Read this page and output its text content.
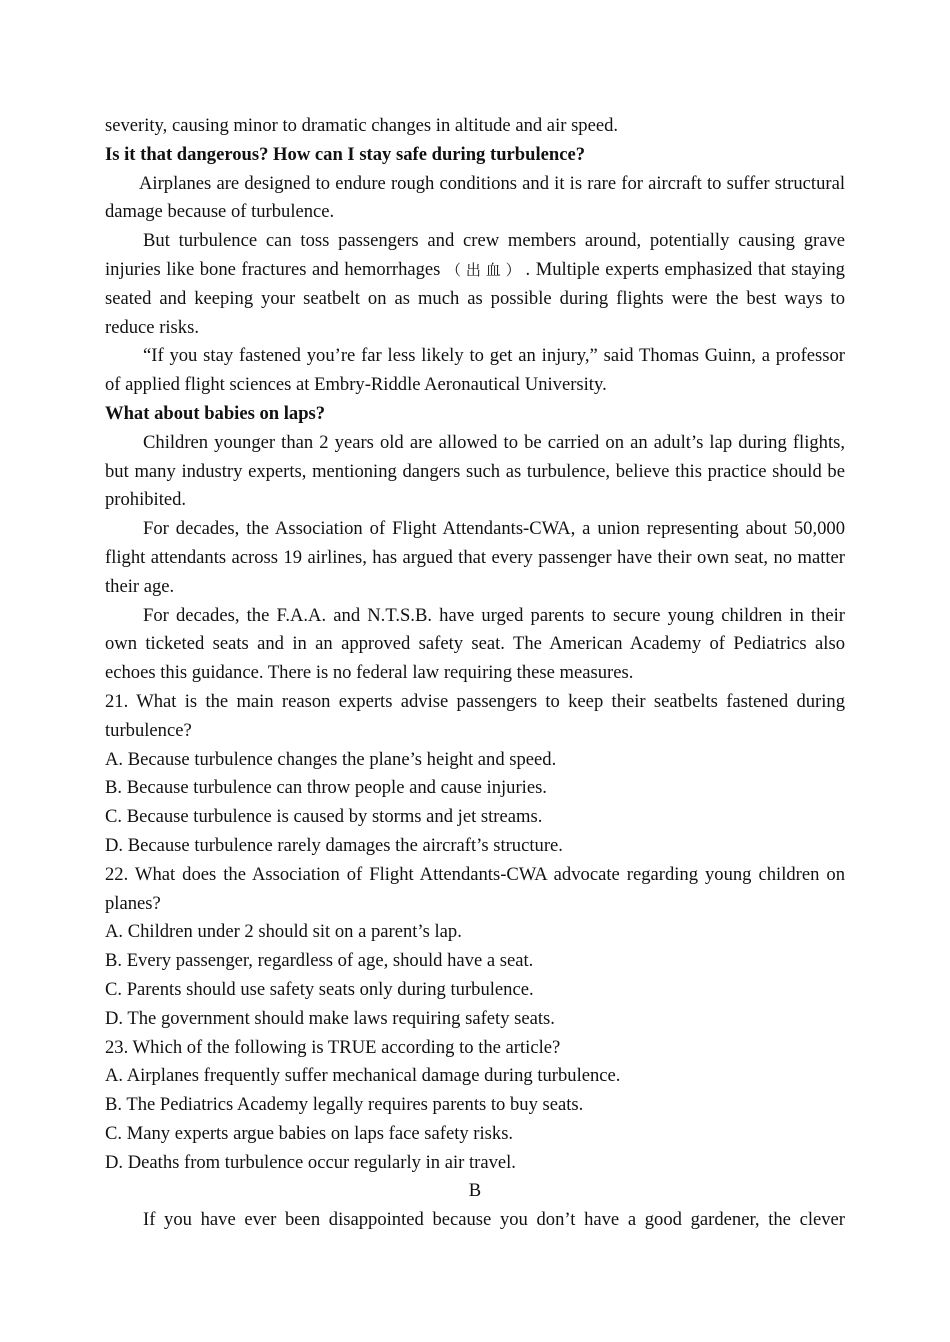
severity, causing minor to dramatic changes in altitude and air speed.

Is it that dangerous? How can I stay safe during turbulence?

Airplanes are designed to endure rough conditions and it is rare for aircraft to suffer structural damage because of turbulence.

But turbulence can toss passengers and crew members around, potentially causing grave injuries like bone fractures and hemorrhages （出血）. Multiple experts emphasized that staying seated and keeping your seatbelt on as much as possible during flights were the best ways to reduce risks.

“If you stay fastened you’re far less likely to get an injury,” said Thomas Guinn, a professor of applied flight sciences at Embry-Riddle Aeronautical University.

What about babies on laps?

Children younger than 2 years old are allowed to be carried on an adult’s lap during flights, but many industry experts, mentioning dangers such as turbulence, believe this practice should be prohibited.

For decades, the Association of Flight Attendants-CWA, a union representing about 50,000 flight attendants across 19 airlines, has argued that every passenger have their own seat, no matter their age.

For decades, the F.A.A. and N.T.S.B. have urged parents to secure young children in their own ticketed seats and in an approved safety seat. The American Academy of Pediatrics also echoes this guidance. There is no federal law requiring these measures.

21. What is the main reason experts advise passengers to keep their seatbelts fastened during turbulence?

A. Because turbulence changes the plane’s height and speed.

B. Because turbulence can throw people and cause injuries.

C. Because turbulence is caused by storms and jet streams.

D. Because turbulence rarely damages the aircraft’s structure.

22. What does the Association of Flight Attendants-CWA advocate regarding young children on planes?

A. Children under 2 should sit on a parent’s lap.

B. Every passenger, regardless of age, should have a seat.

C. Parents should use safety seats only during turbulence.

D. The government should make laws requiring safety seats.

23. Which of the following is TRUE according to the article?

A. Airplanes frequently suffer mechanical damage during turbulence.

B. The Pediatrics Academy legally requires parents to buy seats.

C. Many experts argue babies on laps face safety risks.

D. Deaths from turbulence occur regularly in air travel.

B

If you have ever been disappointed because you don’t have a good gardener, the clever
